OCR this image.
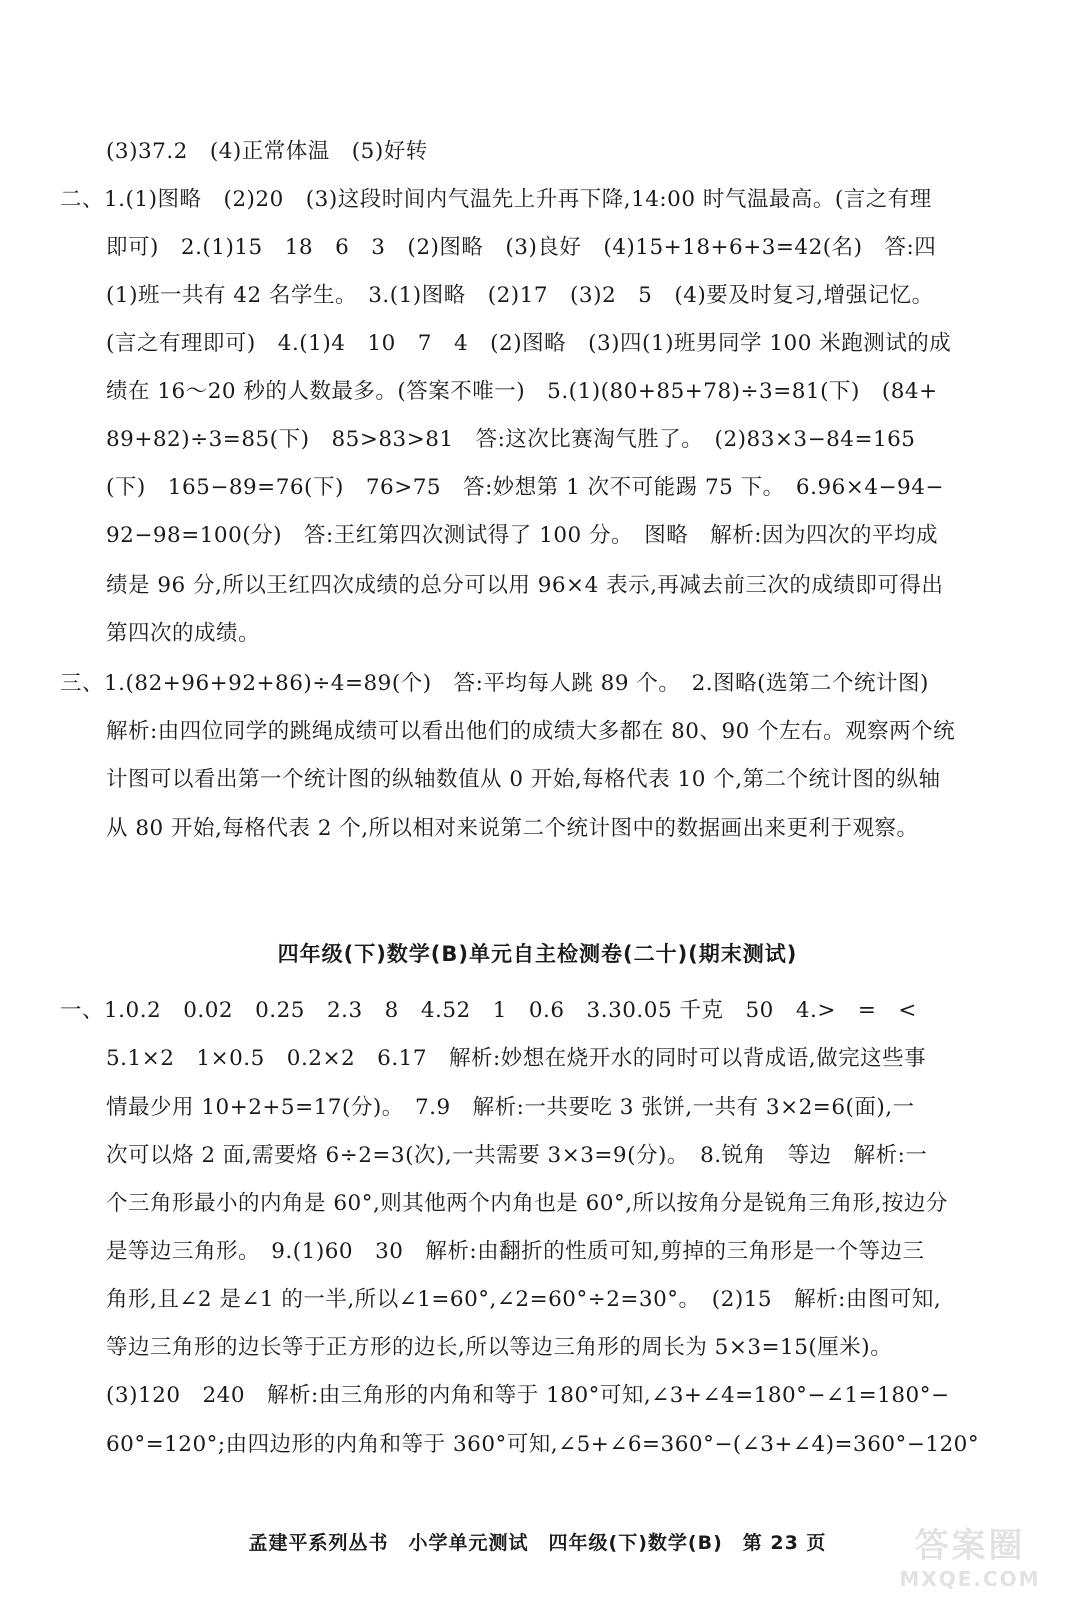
(3)37.2　(4)正常体温　(5)好转
二、1.(1)图略　(2)20　(3)这段时间内气温先上升再下降,14:00 时气温最高。(言之有理
即可)　2.(1)15　18　6　3　(2)图略　(3)良好　(4)15+18+6+3=42(名)　答:四
(1)班一共有 42 名学生。　3.(1)图略　(2)17　(3)2　5　(4)要及时复习,增强记忆。
(言之有理即可)　4.(1)4　10　7　4　(2)图略　(3)四(1)班男同学 100 米跑测试的成
绩在 16～20 秒的人数最多。(答案不唯一)　5.(1)(80+85+78)÷3=81(下)　(84+
89+82)÷3=85(下)　85>83>81　答:这次比赛淘气胜了。　(2)83×3−84=165
(下)　165−89=76(下)　76>75　答:妙想第 1 次不可能踢 75 下。　6.96×4−94−
92−98=100(分)　答:王红第四次测试得了 100 分。　图略　解析:因为四次的平均成
绩是 96 分,所以王红四次成绩的总分可以用 96×4 表示,再减去前三次的成绩即可得出
第四次的成绩。
三、1.(82+96+92+86)÷4=89(个)　答:平均每人跳 89 个。　2.图略(选第二个统计图)
解析:由四位同学的跳绳成绩可以看出他们的成绩大多都在 80、90 个左右。观察两个统
计图可以看出第一个统计图的纵轴数值从 0 开始,每格代表 10 个,第二个统计图的纵轴
从 80 开始,每格代表 2 个,所以相对来说第二个统计图中的数据画出来更利于观察。
四年级(下)数学(B)单元自主检测卷(二十)(期末测试)
一、1.0.2　0.02　0.25　2.3　8　4.52　1　0.6　3.30.05 千克　50　4.>　=　<
5.1×2　1×0.5　0.2×2　6.17　解析:妙想在烧开水的同时可以背成语,做完这些事
情最少用 10+2+5=17(分)。　7.9　解析:一共要吃 3 张饼,一共有 3×2=6(面),一
次可以烙 2 面,需要烙 6÷2=3(次),一共需要 3×3=9(分)。　8.锐角　等边　解析:一
个三角形最小的内角是 60°,则其他两个内角也是 60°,所以按角分是锐角三角形,按边分
是等边三角形。　9.(1)60　30　解析:由翻折的性质可知,剪掉的三角形是一个等边三
角形,且∠2 是∠1 的一半,所以∠1=60°,∠2=60°÷2=30°。　(2)15　解析:由图可知,
等边三角形的边长等于正方形的边长,所以等边三角形的周长为 5×3=15(厘米)。
(3)120　240　解析:由三角形的内角和等于 180°可知,∠3+∠4=180°−∠1=180°−
60°=120°;由四边形的内角和等于 360°可知,∠5+∠6=360°−(∠3+∠4)=360°−120°
孟建平系列丛书　小学单元测试　四年级(下)数学(B)　第 23 页	答案圈
MXQE.COM
